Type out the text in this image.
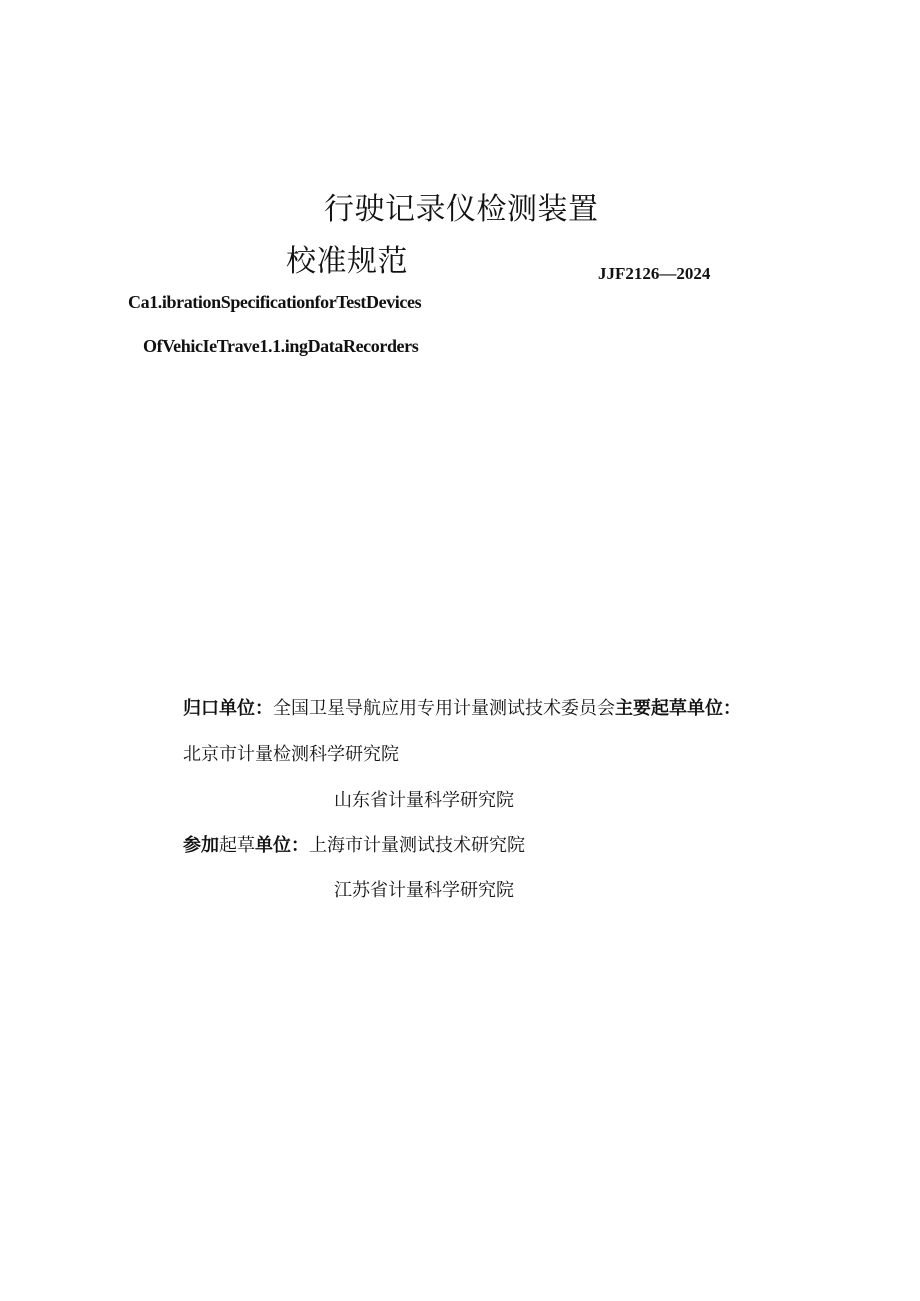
行驶记录仪检测装置
校准规范	JJF2126—2024
Ca1.ibrationSpecificationforTestDevices
OfVehicIeTrave1.1.ingDataRecorders
归口单位：全国卫星导航应用专用计量测试技术委员会主要起草单位：
北京市计量检测科学研究院
山东省计量科学研究院
参加起草单位：上海市计量测试技术研究院
江苏省计量科学研究院
